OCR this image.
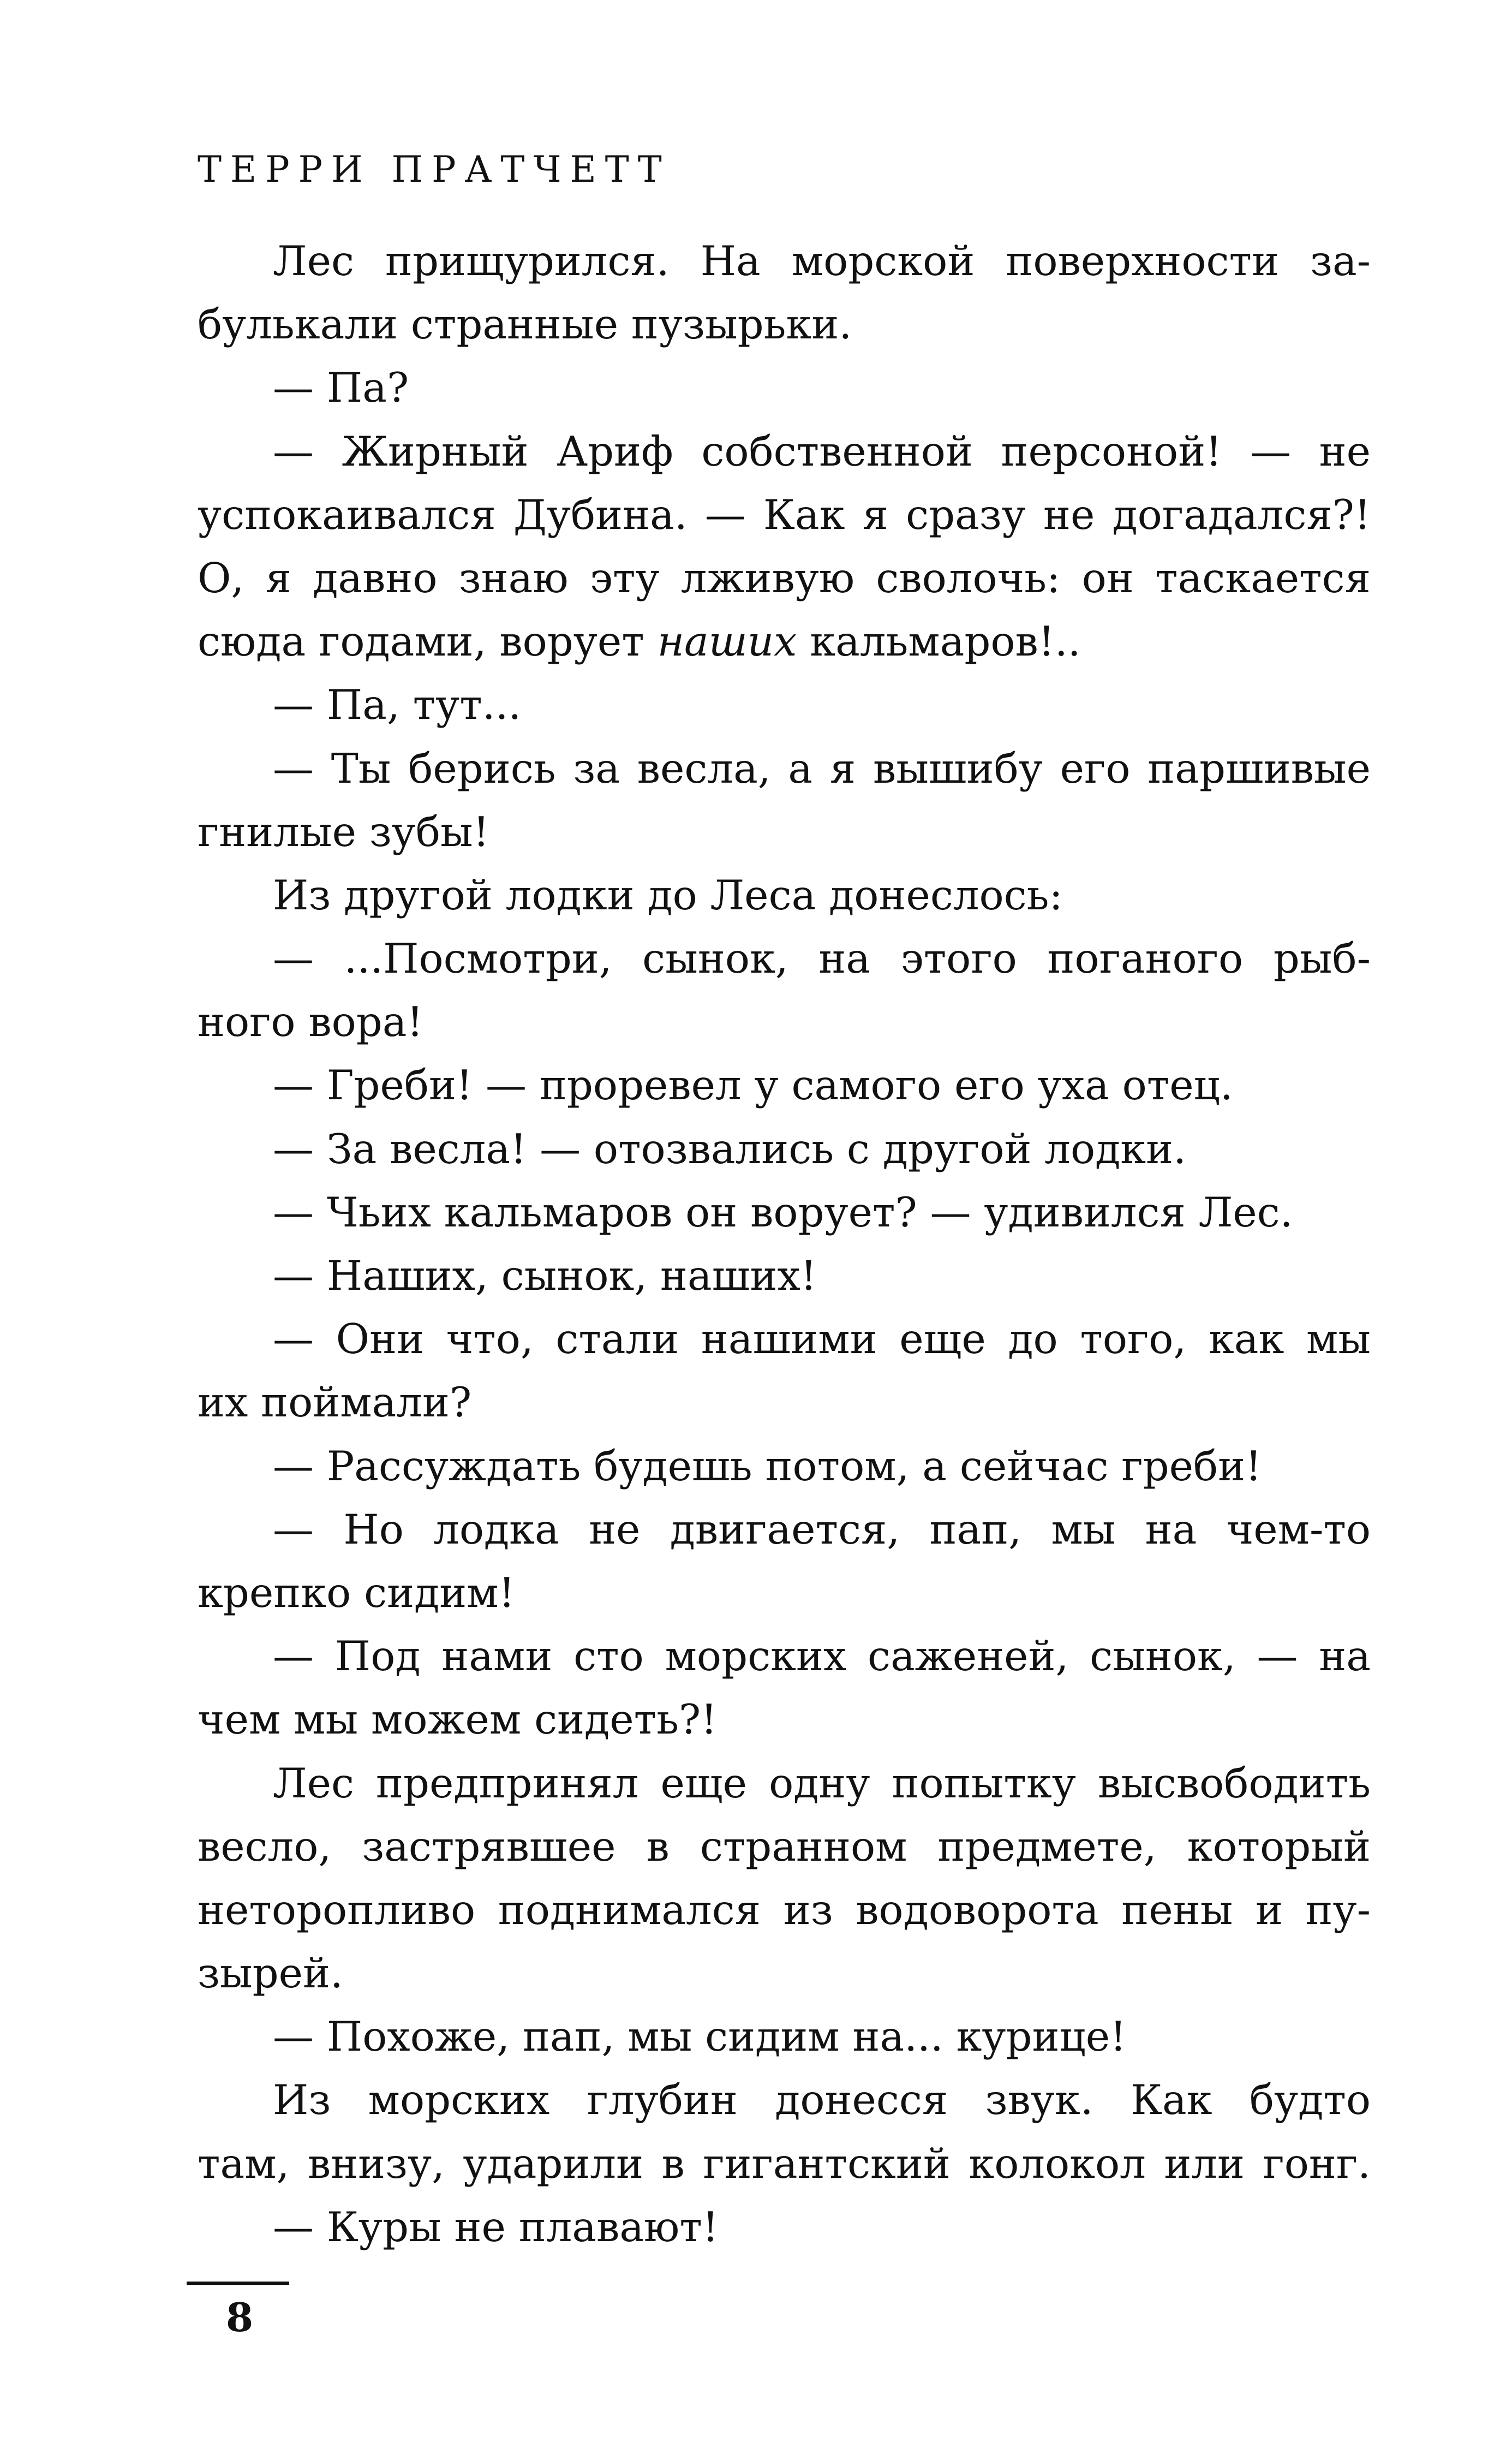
ТЕРРИ ПРАТЧЕТТ
Лес прищурился. На морской поверхности за-
булькали странные пузырьки.
— Па?
— Жирный Ариф собственной персоной! — не
успокаивался Дубина. — Как я сразу не догадался?!
О, я давно знаю эту лживую сволочь: он таскается
сюда годами, ворует наших кальмаров!..
— Па, тут...
— Ты берись за весла, а я вышибу его паршивые
гнилые зубы!
Из другой лодки до Леса донеслось:
— ...Посмотри, сынок, на этого поганого рыб-
ного вора!
— Греби! — проревел у самого его уха отец.
— За весла! — отозвались с другой лодки.
— Чьих кальмаров он ворует? — удивился Лес.
— Наших, сынок, наших!
— Они что, стали нашими еще до того, как мы
их поймали?
— Рассуждать будешь потом, а сейчас греби!
— Но лодка не двигается, пап, мы на чем-то
крепко сидим!
— Под нами сто морских саженей, сынок, — на
чем мы можем сидеть?!
Лес предпринял еще одну попытку высвободить
весло, застрявшее в странном предмете, который
неторопливо поднимался из водоворота пены и пу-
зырей.
— Похоже, пап, мы сидим на... курице!
Из морских глубин донесся звук. Как будто
там, внизу, ударили в гигантский колокол или гонг.
— Куры не плавают!
8
